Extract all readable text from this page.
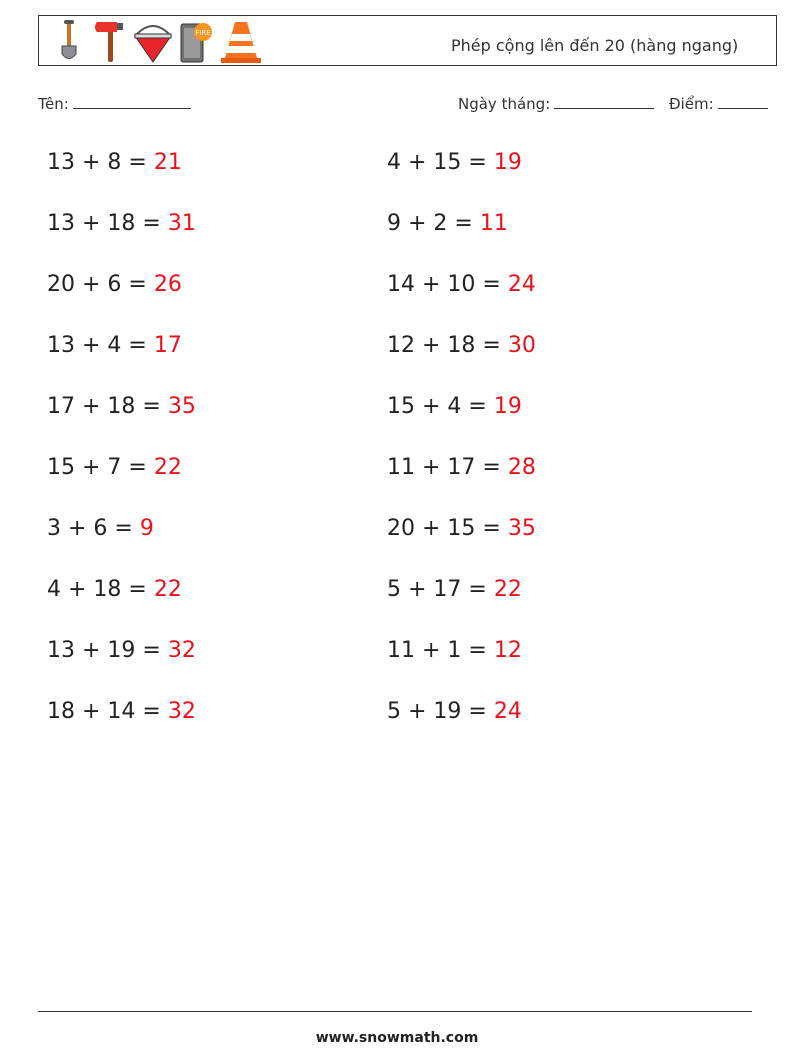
FIRE
Phép cộng lên đến 20 (hàng ngang)
Tên:	Ngày tháng:	Điểm:
13 + 8 = 21	4 + 15 = 19
13 + 18 = 31	9 + 2 = 11
20 + 6 = 26	14 + 10 = 24
13 + 4 = 17	12 + 18 = 30
17 + 18 = 35	15 + 4 = 19
15 + 7 = 22	11 + 17 = 28
3 + 6 = 9	20 + 15 = 35
4 + 18 = 22	5 + 17 = 22
13 + 19 = 32	11 + 1 = 12
18 + 14 = 32	5 + 19 = 24
www.snowmath.com
